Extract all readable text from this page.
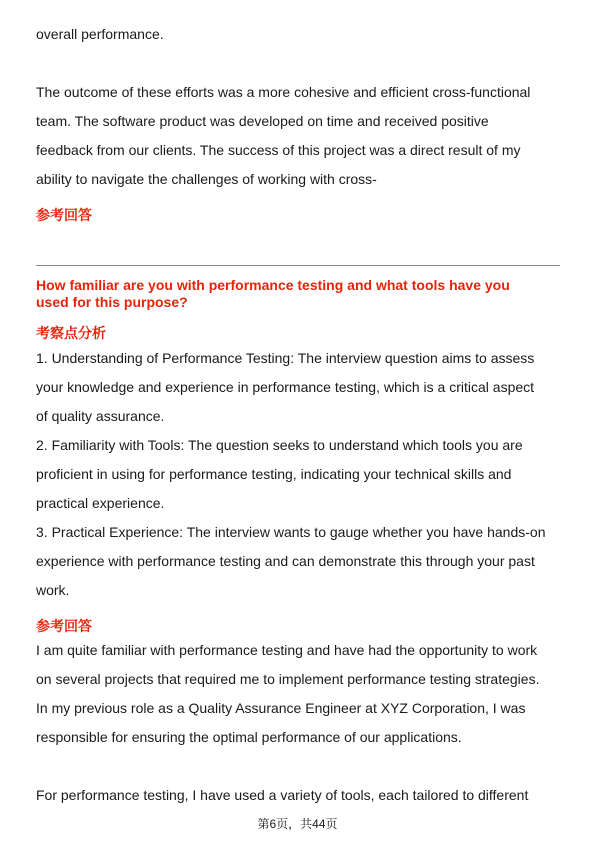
overall performance.

The outcome of these efforts was a more cohesive and efficient cross-functional

team. The software product was developed on time and received positive

feedback from our clients. The success of this project was a direct result of my

ability to navigate the challenges of working with cross-

参考回答

How familiar are you with performance testing and what tools have you

used for this purpose?

考察点分析

1. Understanding of Performance Testing: The interview question aims to assess

your knowledge and experience in performance testing, which is a critical aspect

of quality assurance.

2. Familiarity with Tools: The question seeks to understand which tools you are

proficient in using for performance testing, indicating your technical skills and

practical experience.

3. Practical Experience: The interview wants to gauge whether you have hands-on

experience with performance testing and can demonstrate this through your past

work.

参考回答

I am quite familiar with performance testing and have had the opportunity to work

on several projects that required me to implement performance testing strategies.

In my previous role as a Quality Assurance Engineer at XYZ Corporation, I was

responsible for ensuring the optimal performance of our applications.

For performance testing, I have used a variety of tools, each tailored to different

第6页，共44页
